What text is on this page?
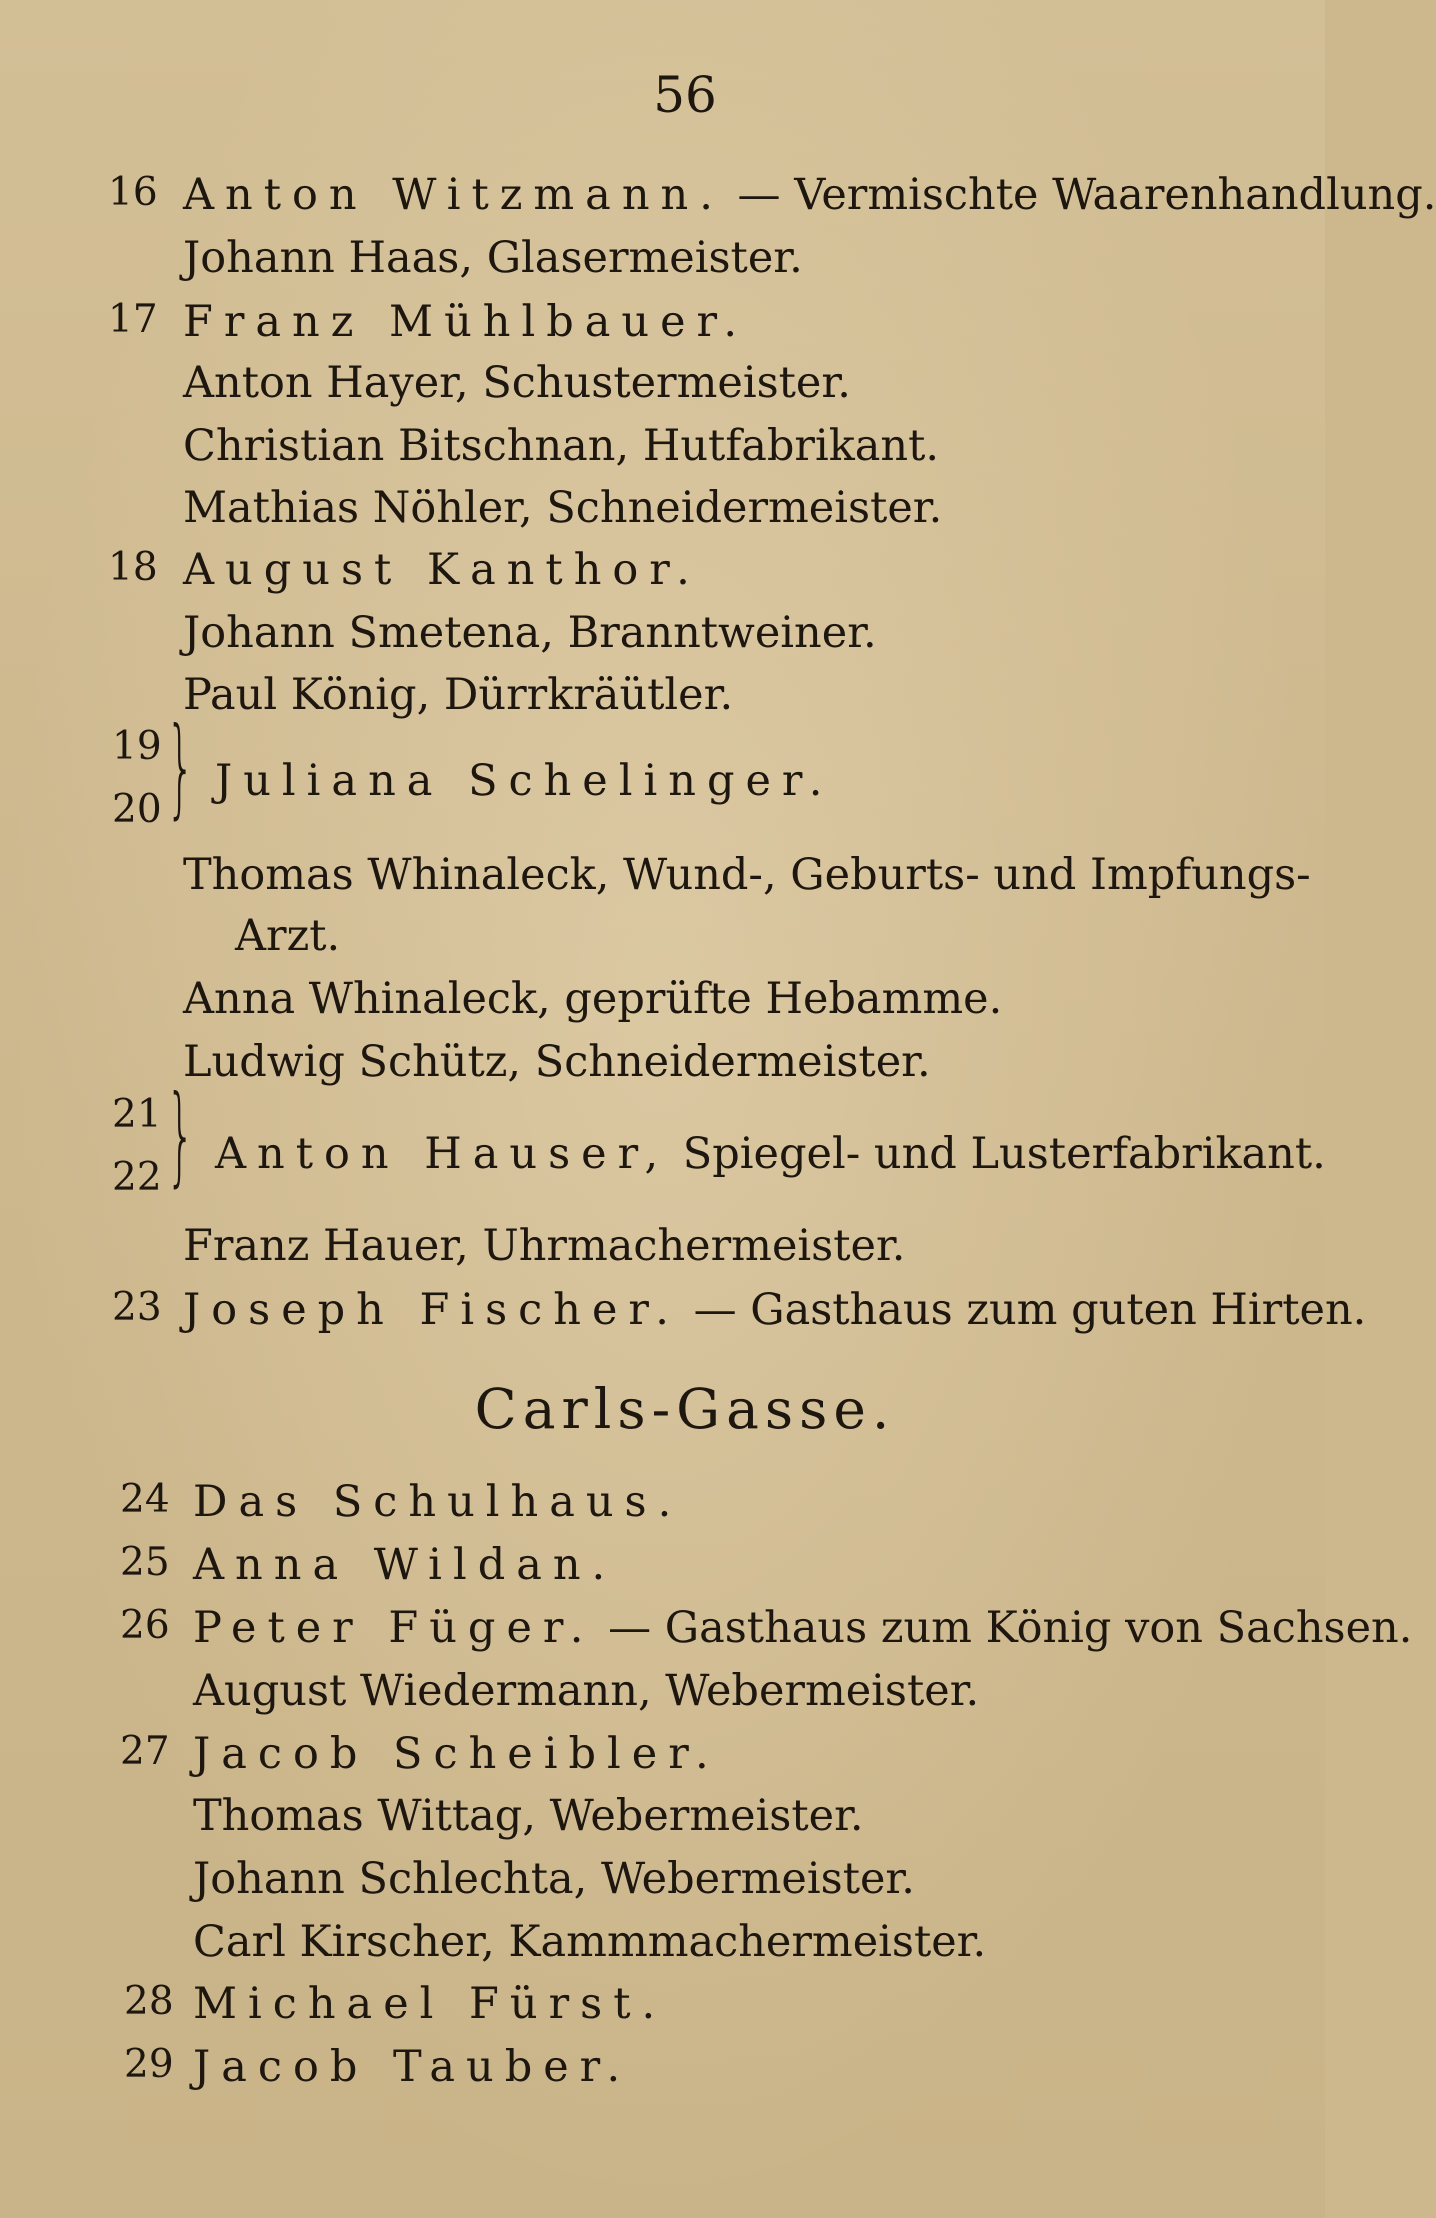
56
16 Anton Witzmann. — Vermischte Waarenhandlung.
Johann Haas, Glasermeister.
17 Franz Mühlbauer.
Anton Hayer, Schustermeister.
Christian Bitschnan, Hutfabrikant.
Mathias Nöhler, Schneidermeister.
18 August Kanthor.
Johann Smetena, Branntweiner.
Paul König, Dürrkräütler.
19
20 } Juliana Schelinger.
Thomas Whinaleck, Wund-, Geburts- und Impfungs-
Arzt.
Anna Whinaleck, geprüfte Hebamme.
Ludwig Schütz, Schneidermeister.
21
22 } Anton Hauser, Spiegel- und Lusterfabrikant.
Franz Hauer, Uhrmachermeister.
23 Joseph Fischer. — Gasthaus zum guten Hirten.
Carls-Gasse.
24 Das Schulhaus.
25 Anna Wildan.
26 Peter Füger. — Gasthaus zum König von Sachsen.
August Wiedermann, Webermeister.
27 Jacob Scheibler.
Thomas Wittag, Webermeister.
Johann Schlechta, Webermeister.
Carl Kirscher, Kammmachermeister.
28 Michael Fürst.
29 Jacob Tauber.
